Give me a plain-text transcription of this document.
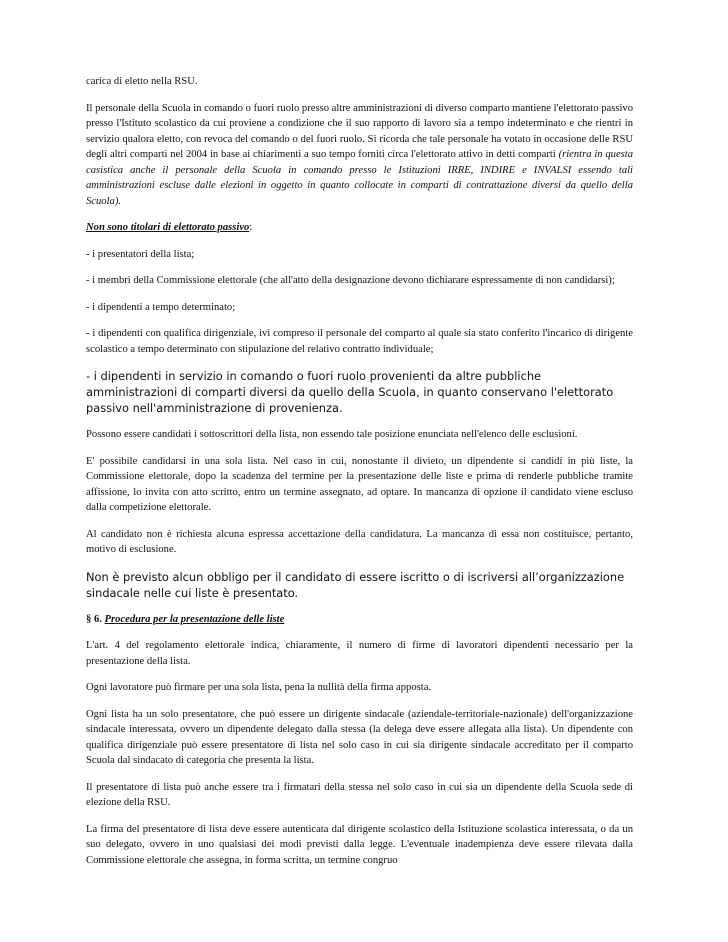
carica di eletto nella RSU.

Il personale della Scuola in comando o fuori ruolo presso altre amministrazioni di diverso comparto mantiene l'elettorato passivo presso l'Istituto scolastico da cui proviene a condizione che il suo rapporto di lavoro sia a tempo indeterminato e che rientri in servizio qualora eletto, con revoca del comando o del fuori ruolo. Si ricorda che tale personale ha votato in occasione delle RSU degli altri comparti nel 2004 in base ai chiarimenti a suo tempo forniti circa l'elettorato attivo in detti comparti (rientra in questa casistica anche il personale della Scuola in comando presso le Istituzioni IRRE, INDIRE e INVALSI essendo tali amministrazioni escluse dalle elezioni in oggetto in quanto collocate in comparti di contrattazione diversi da quello della Scuola).

Non sono titolari di elettorato passivo:

- i presentatori della lista;

- i membri della Commissione elettorale (che all'atto della designazione devono dichiarare espressamente di non candidarsi);

- i dipendenti a tempo determinato;

- i dipendenti con qualifica dirigenziale, ivi compreso il personale del comparto al quale sia stato conferito l'incarico di dirigente scolastico a tempo determinato con stipulazione del relativo contratto individuale;

- i dipendenti in servizio in comando o fuori ruolo provenienti da altre pubbliche amministrazioni di comparti diversi da quello della Scuola, in quanto conservano l'elettorato passivo nell'amministrazione di provenienza.

Possono essere candidati i sottoscrittori della lista, non essendo tale posizione enunciata nell'elenco delle esclusioni.

E' possibile candidarsi in una sola lista. Nel caso in cui, nonostante il divieto, un dipendente si candidi in più liste, la Commissione elettorale, dopo la scadenza del termine per la presentazione delle liste e prima di renderle pubbliche tramite affissione, lo invita con atto scritto, entro un termine assegnato, ad optare. In mancanza di opzione il candidato viene escluso dalla competizione elettorale.

Al candidato non è richiesta alcuna espressa accettazione della candidatura. La mancanza di essa non costituisce, pertanto, motivo di esclusione.

Non è previsto alcun obbligo per il candidato di essere iscritto o di iscriversi all’organizzazione sindacale nelle cui liste è presentato.

§ 6. Procedura per la presentazione delle liste

L'art. 4 del regolamento elettorale indica, chiaramente, il numero di firme di lavoratori dipendenti necessario per la presentazione della lista.

Ogni lavoratore può firmare per una sola lista, pena la nullità della firma apposta.

Ogni lista ha un solo presentatore, che può essere un dirigente sindacale (aziendale-territoriale-nazionale) dell'organizzazione sindacale interessata, ovvero un dipendente delegato dalla stessa (la delega deve essere allegata alla lista). Un dipendente con qualifica dirigenziale può essere presentatore di lista nel solo caso in cui sia dirigente sindacale accreditato per il comparto Scuola dal sindacato di categoria che presenta la lista.

Il presentatore di lista può anche essere tra i firmatari della stessa nel solo caso in cui sia un dipendente della Scuola sede di elezione della RSU.

La firma del presentatore di lista deve essere autenticata dal dirigente scolastico della Istituzione scolastica interessata, o da un suo delegato, ovvero in uno qualsiasi dei modi previsti dalla legge. L'eventuale inadempienza deve essere rilevata dalla Commissione elettorale che assegna, in forma scritta, un termine congruo
